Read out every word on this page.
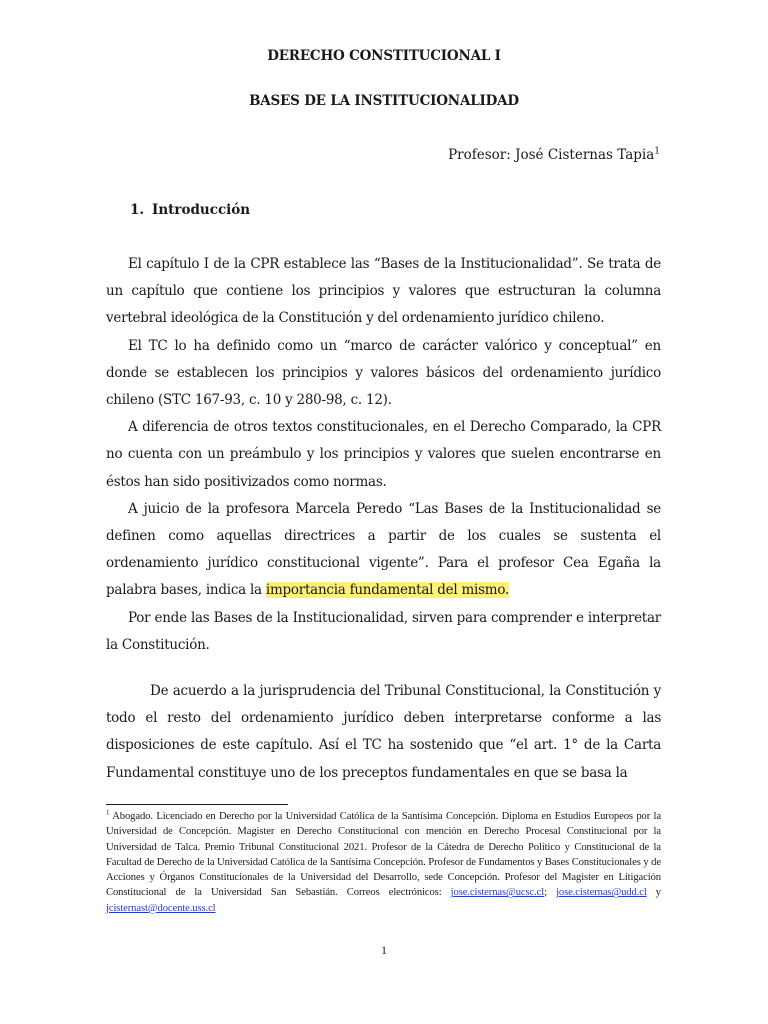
DERECHO CONSTITUCIONAL I
BASES DE LA INSTITUCIONALIDAD
Profesor: José Cisternas Tapia$^1$
1. Introducción

El capítulo I de la CPR establece las “Bases de la Institucionalidad”. Se trata de un capítulo que contiene los principios y valores que estructuran la columna vertebral ideológica de la Constitución y del ordenamiento jurídico chileno.

El TC lo ha definido como un “marco de carácter valórico y conceptual” en donde se establecen los principios y valores básicos del ordenamiento jurídico chileno (STC 167-93, c. 10 y 280-98, c. 12).

A diferencia de otros textos constitucionales, en el Derecho Comparado, la CPR no cuenta con un preámbulo y los principios y valores que suelen encontrarse en éstos han sido positivizados como normas.

A juicio de la profesora Marcela Peredo “Las Bases de la Institucionalidad se definen como aquellas directrices a partir de los cuales se sustenta el ordenamiento jurídico constitucional vigente”. Para el profesor Cea Egaña la palabra bases, indica la importancia fundamental del mismo.

Por ende las Bases de la Institucionalidad, sirven para comprender e interpretar la Constitución.

De acuerdo a la jurisprudencia del Tribunal Constitucional, la Constitución y todo el resto del ordenamiento jurídico deben interpretarse conforme a las disposiciones de este capítulo. Así el TC ha sostenido que “el art. 1° de la Carta Fundamental constituye uno de los preceptos fundamentales en que se basa la

$^1$ Abogado. Licenciado en Derecho por la Universidad Católica de la Santísima Concepción. Diploma en Estudios Europeos por la Universidad de Concepción. Magister en Derecho Constitucional con mención en Derecho Procesal Constitucional por la Universidad de Talca. Premio Tribunal Constitucional 2021. Profesor de la Cátedra de Derecho Político y Constitucional de la Facultad de Derecho de la Universidad Católica de la Santísima Concepción. Profesor de Fundamentos y Bases Constitucionales y de Acciones y Órganos Constitucionales de la Universidad del Desarrollo, sede Concepción. Profesor del Magister en Litigación Constitucional de la Universidad San Sebastián. Correos electrónicos: jose.cisternas@ucsc.cl; jose.cisternas@udd.cl y jcisternast@docente.uss.cl
1
